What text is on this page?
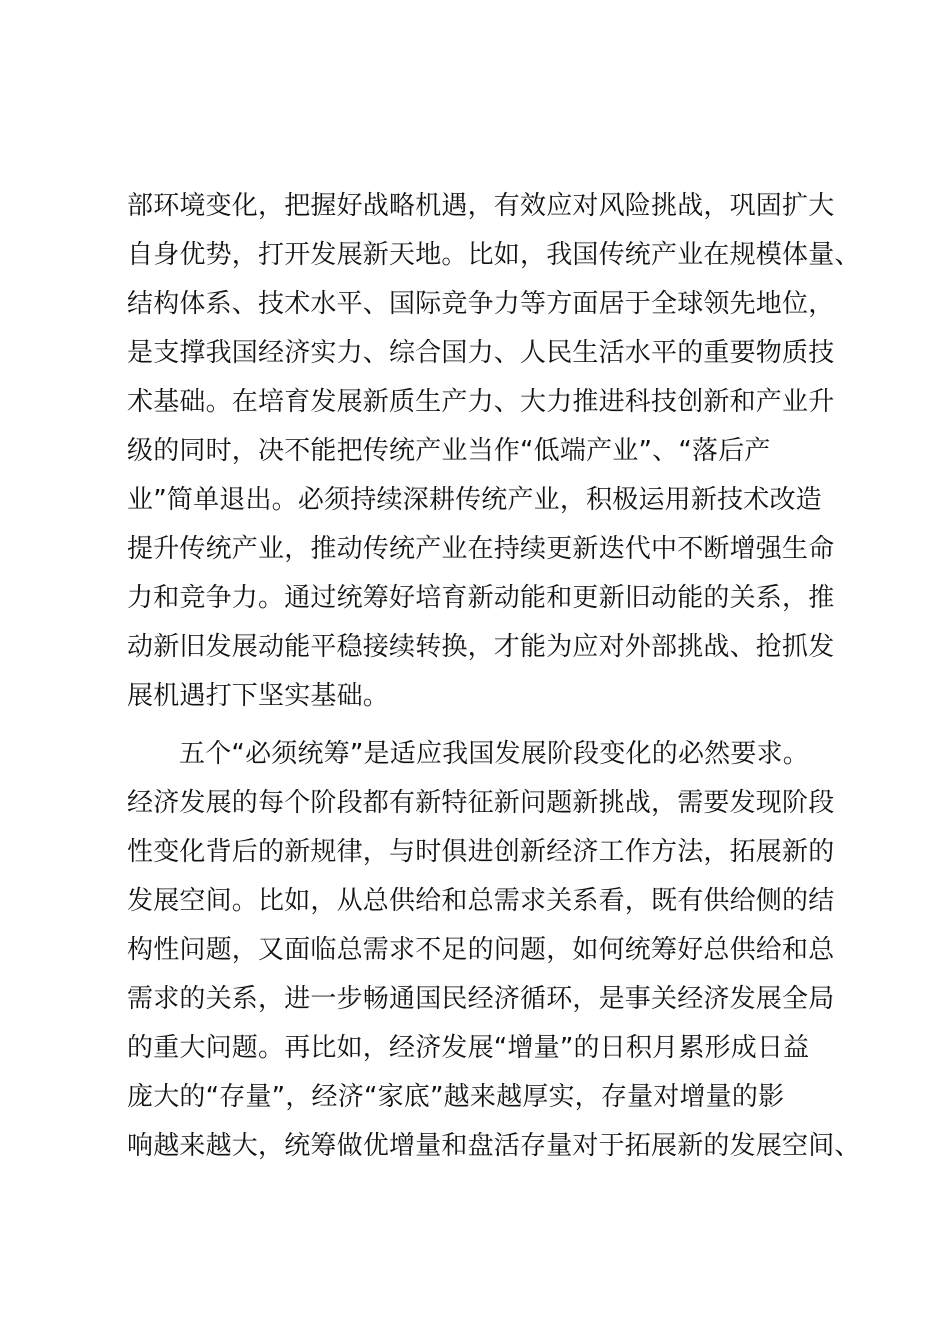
部环境变化，把握好战略机遇，有效应对风险挑战，巩固扩大
自身优势，打开发展新天地。比如，我国传统产业在规模体量、
结构体系、技术水平、国际竞争力等方面居于全球领先地位，
是支撑我国经济实力、综合国力、人民生活水平的重要物质技
术基础。在培育发展新质生产力、大力推进科技创新和产业升
级的同时，决不能把传统产业当作“低端产业”、“落后产
业”简单退出。必须持续深耕传统产业，积极运用新技术改造
提升传统产业，推动传统产业在持续更新迭代中不断增强生命
力和竞争力。通过统筹好培育新动能和更新旧动能的关系，推
动新旧发展动能平稳接续转换，才能为应对外部挑战、抢抓发
展机遇打下坚实基础。
五个“必须统筹”是适应我国发展阶段变化的必然要求。
经济发展的每个阶段都有新特征新问题新挑战，需要发现阶段
性变化背后的新规律，与时俱进创新经济工作方法，拓展新的
发展空间。比如，从总供给和总需求关系看，既有供给侧的结
构性问题，又面临总需求不足的问题，如何统筹好总供给和总
需求的关系，进一步畅通国民经济循环，是事关经济发展全局
的重大问题。再比如，经济发展“增量”的日积月累形成日益
庞大的“存量”，经济“家底”越来越厚实，存量对增量的影
响越来越大，统筹做优增量和盘活存量对于拓展新的发展空间、
